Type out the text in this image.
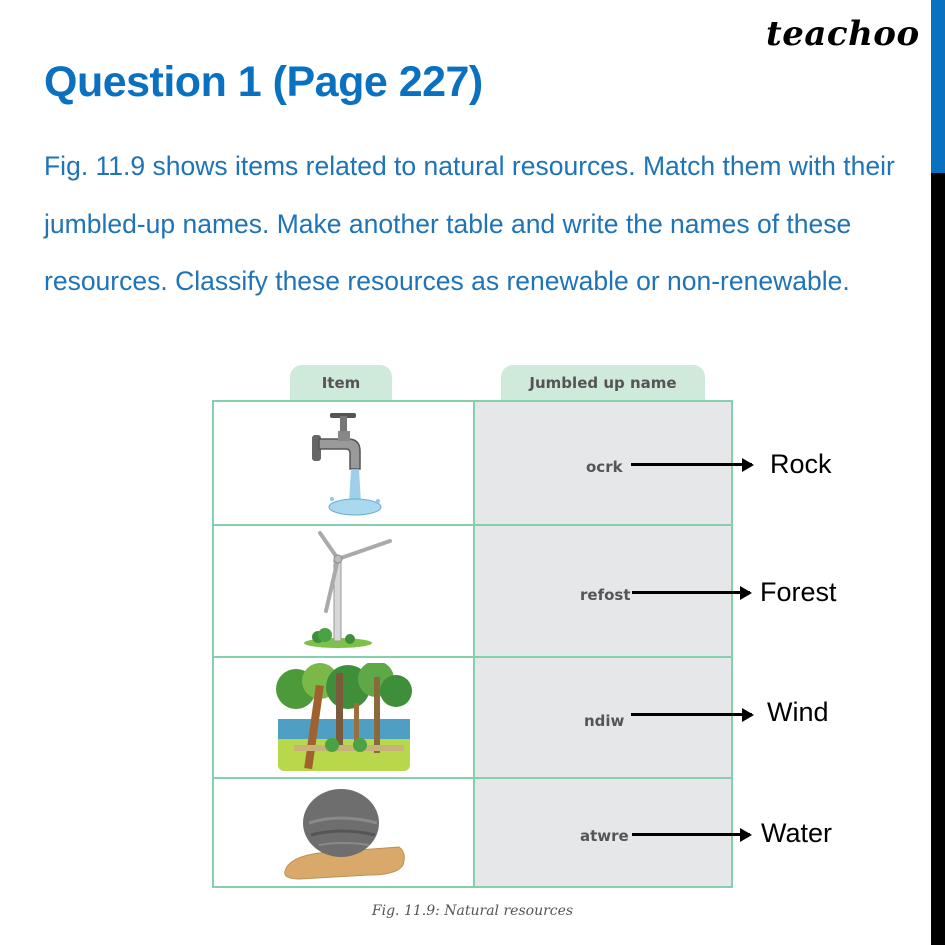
teachoo
Question 1 (Page 227)
Fig. 11.9 shows items related to natural resources. Match them with their jumbled-up names. Make another table and write the names of these resources. Classify these resources as renewable or non-renewable.
Item	Jumbled up name
ocrk
refost
ndiw
atwre
Rock
Forest
Wind
Water
Fig. 11.9: Natural resources
